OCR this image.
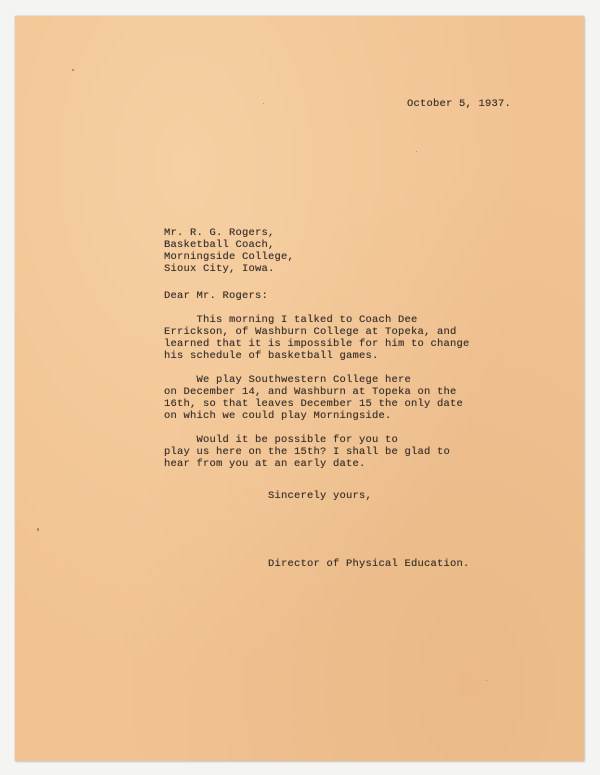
October 5, 1937.
Mr. R. G. Rogers,
Basketball Coach,
Morningside College,
Sioux City, Iowa.
Dear Mr. Rogers:
This morning I talked to Coach Dee
Errickson, of Washburn College at Topeka, and
learned that it is impossible for him to change
his schedule of basketball games.
We play Southwestern College here
on December 14, and Washburn at Topeka on the
16th, so that leaves December 15 the only date
on which we could play Morningside.
Would it be possible for you to
play us here on the 15th? I shall be glad to
hear from you at an early date.
Sincerely yours,
Director of Physical Education.
